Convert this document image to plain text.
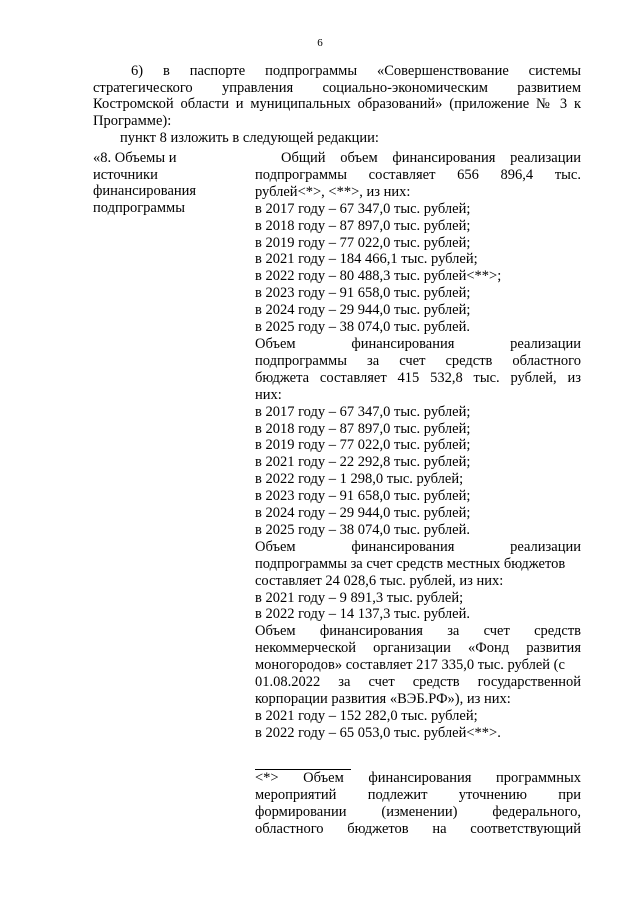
6

6) в паспорте подпрограммы «Совершенствование системы

стратегического управления социально-экономическим развитием

Костромской области и муниципальных образований» (приложение № 3 к

Программе):

пункт 8 изложить в следующей редакции:

«8. Объемы и
источники
финансирования
подпрограммы
Общий объем финансирования реализации
подпрограммы составляет 656 896,4 тыс.
рублей<*>, <**>, из них:
в 2017 году – 67 347,0 тыс. рублей;
в 2018 году – 87 897,0 тыс. рублей;
в 2019 году – 77 022,0 тыс. рублей;
в 2021 году – 184 466,1 тыс. рублей;
в 2022 году – 80 488,3 тыс. рублей<**>;
в 2023 году – 91 658,0 тыс. рублей;
в 2024 году – 29 944,0 тыс. рублей;
в 2025 году – 38 074,0 тыс. рублей.
Объем финансирования реализации
подпрограммы за счет средств областного
бюджета составляет 415 532,8 тыс. рублей, из
них:
в 2017 году – 67 347,0 тыс. рублей;
в 2018 году – 87 897,0 тыс. рублей;
в 2019 году – 77 022,0 тыс. рублей;
в 2021 году – 22 292,8 тыс. рублей;
в 2022 году – 1 298,0 тыс. рублей;
в 2023 году – 91 658,0 тыс. рублей;
в 2024 году – 29 944,0 тыс. рублей;
в 2025 году – 38 074,0 тыс. рублей.
Объем финансирования реализации
подпрограммы за счет средств местных бюджетов
составляет 24 028,6 тыс. рублей, из них:
в 2021 году – 9 891,3 тыс. рублей;
в 2022 году – 14 137,3 тыс. рублей.
Объем финансирования за счет средств
некоммерческой организации «Фонд развития
моногородов» составляет 217 335,0 тыс. рублей (с
01.08.2022 за счет средств государственной
корпорации развития «ВЭБ.РФ»), из них:
в 2021 году – 152 282,0 тыс. рублей;
в 2022 году – 65 053,0 тыс. рублей<**>.
<*> Объем финансирования программных
мероприятий подлежит уточнению при
формировании (изменении) федерального,
областного бюджетов на соответствующий
